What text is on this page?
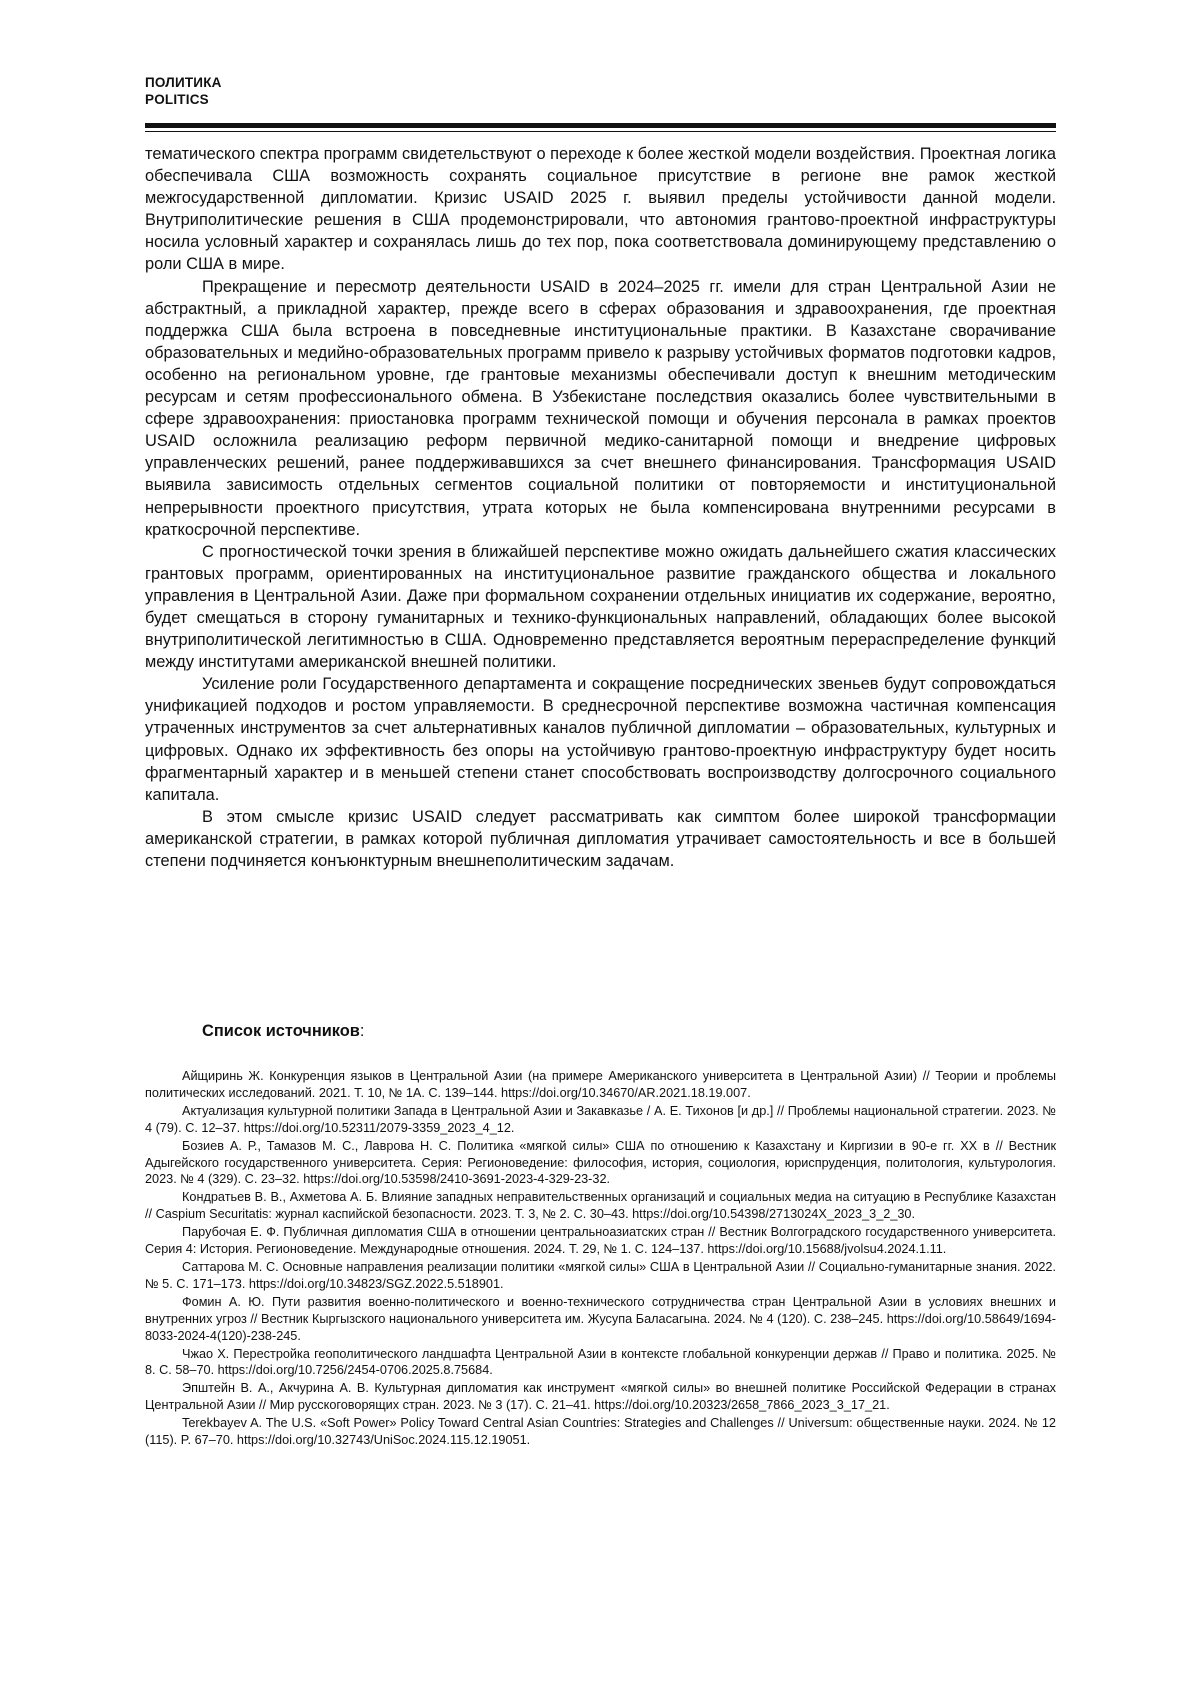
ПОЛИТИКА
POLITICS

тематического спектра программ свидетельствуют о переходе к более жесткой модели воздействия. Проектная логика обеспечивала США возможность сохранять социальное присутствие в регионе вне рамок жесткой межгосударственной дипломатии. Кризис USAID 2025 г. выявил пределы устойчивости данной модели. Внутриполитические решения в США продемонстрировали, что автономия грантово-проектной инфраструктуры носила условный характер и сохранялась лишь до тех пор, пока соответствовала доминирующему представлению о роли США в мире.

Прекращение и пересмотр деятельности USAID в 2024–2025 гг. имели для стран Центральной Азии не абстрактный, а прикладной характер, прежде всего в сферах образования и здравоохранения, где проектная поддержка США была встроена в повседневные институциональные практики. В Казахстане сворачивание образовательных и медийно-образовательных программ привело к разрыву устойчивых форматов подготовки кадров, особенно на региональном уровне, где грантовые механизмы обеспечивали доступ к внешним методическим ресурсам и сетям профессионального обмена. В Узбекистане последствия оказались более чувствительными в сфере здравоохранения: приостановка программ технической помощи и обучения персонала в рамках проектов USAID осложнила реализацию реформ первичной медико-санитарной помощи и внедрение цифровых управленческих решений, ранее поддерживавшихся за счет внешнего финансирования. Трансформация USAID выявила зависимость отдельных сегментов социальной политики от повторяемости и институциональной непрерывности проектного присутствия, утрата которых не была компенсирована внутренними ресурсами в краткосрочной перспективе.

С прогностической точки зрения в ближайшей перспективе можно ожидать дальнейшего сжатия классических грантовых программ, ориентированных на институциональное развитие гражданского общества и локального управления в Центральной Азии. Даже при формальном сохранении отдельных инициатив их содержание, вероятно, будет смещаться в сторону гуманитарных и технико-функциональных направлений, обладающих более высокой внутриполитической легитимностью в США. Одновременно представляется вероятным перераспределение функций между институтами американской внешней политики.

Усиление роли Государственного департамента и сокращение посреднических звеньев будут сопровождаться унификацией подходов и ростом управляемости. В среднесрочной перспективе возможна частичная компенсация утраченных инструментов за счет альтернативных каналов публичной дипломатии – образовательных, культурных и цифровых. Однако их эффективность без опоры на устойчивую грантово-проектную инфраструктуру будет носить фрагментарный характер и в меньшей степени станет способствовать воспроизводству долгосрочного социального капитала.

В этом смысле кризис USAID следует рассматривать как симптом более широкой трансформации американской стратегии, в рамках которой публичная дипломатия утрачивает самостоятельность и все в большей степени подчиняется конъюнктурным внешнеполитическим задачам.

Список источников:

Айщиринь Ж. Конкуренция языков в Центральной Азии (на примере Американского университета в Центральной Азии) // Теории и проблемы политических исследований. 2021. Т. 10, № 1А. С. 139–144. https://doi.org/10.34670/AR.2021.18.19.007.

Актуализация культурной политики Запада в Центральной Азии и Закавказье / А. Е. Тихонов [и др.] // Проблемы национальной стратегии. 2023. № 4 (79). С. 12–37. https://doi.org/10.52311/2079-3359_2023_4_12.

Бозиев А. Р., Тамазов М. С., Лаврова Н. С. Политика «мягкой силы» США по отношению к Казахстану и Киргизии в 90-е гг. XX в // Вестник Адыгейского государственного университета. Серия: Регионоведение: философия, история, социология, юриспруденция, политология, культурология. 2023. № 4 (329). С. 23–32. https://doi.org/10.53598/2410-3691-2023-4-329-23-32.

Кондратьев В. В., Ахметова А. Б. Влияние западных неправительственных организаций и социальных медиа на ситуацию в Республике Казахстан // Caspium Securitatis: журнал каспийской безопасности. 2023. Т. 3, № 2. С. 30–43. https://doi.org/10.54398/2713024X_2023_3_2_30.

Парубочая Е. Ф. Публичная дипломатия США в отношении центральноазиатских стран // Вестник Волгоградского государственного университета. Серия 4: История. Регионоведение. Международные отношения. 2024. Т. 29, № 1. С. 124–137. https://doi.org/10.15688/jvolsu4.2024.1.11.

Саттарова М. С. Основные направления реализации политики «мягкой силы» США в Центральной Азии // Социально-гуманитарные знания. 2022. № 5. С. 171–173. https://doi.org/10.34823/SGZ.2022.5.518901.

Фомин А. Ю. Пути развития военно-политического и военно-технического сотрудничества стран Центральной Азии в условиях внешних и внутренних угроз // Вестник Кыргызского национального университета им. Жусупа Баласагына. 2024. № 4 (120). С. 238–245. https://doi.org/10.58649/1694-8033-2024-4(120)-238-245.

Чжао Х. Перестройка геополитического ландшафта Центральной Азии в контексте глобальной конкуренции держав // Право и политика. 2025. № 8. С. 58–70. https://doi.org/10.7256/2454-0706.2025.8.75684.

Эпштейн В. А., Акчурина А. В. Культурная дипломатия как инструмент «мягкой силы» во внешней политике Российской Федерации в странах Центральной Азии // Мир русскоговорящих стран. 2023. № 3 (17). С. 21–41. https://doi.org/10.20323/2658_7866_2023_3_17_21.

Terekbayev A. The U.S. «Soft Power» Policy Toward Central Asian Countries: Strategies and Challenges // Universum: общественные науки. 2024. № 12 (115). P. 67–70. https://doi.org/10.32743/UniSoc.2024.115.12.19051.
